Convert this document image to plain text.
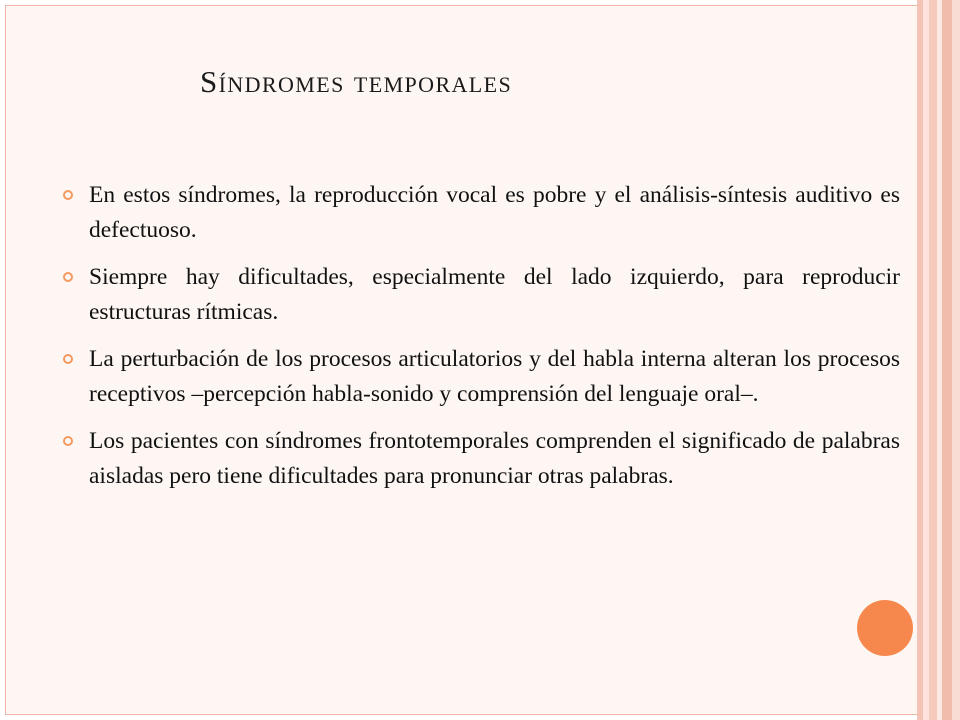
Síndromes temporales
En estos síndromes, la reproducción vocal es pobre y el análisis-síntesis auditivo es defectuoso.
Siempre hay dificultades, especialmente del lado izquierdo, para reproducir estructuras rítmicas.
La perturbación de los procesos articulatorios y del habla interna alteran los procesos receptivos –percepción habla-sonido y comprensión del lenguaje oral–.
Los pacientes con síndromes frontotemporales comprenden el significado de palabras aisladas pero tiene dificultades para pronunciar otras palabras.
